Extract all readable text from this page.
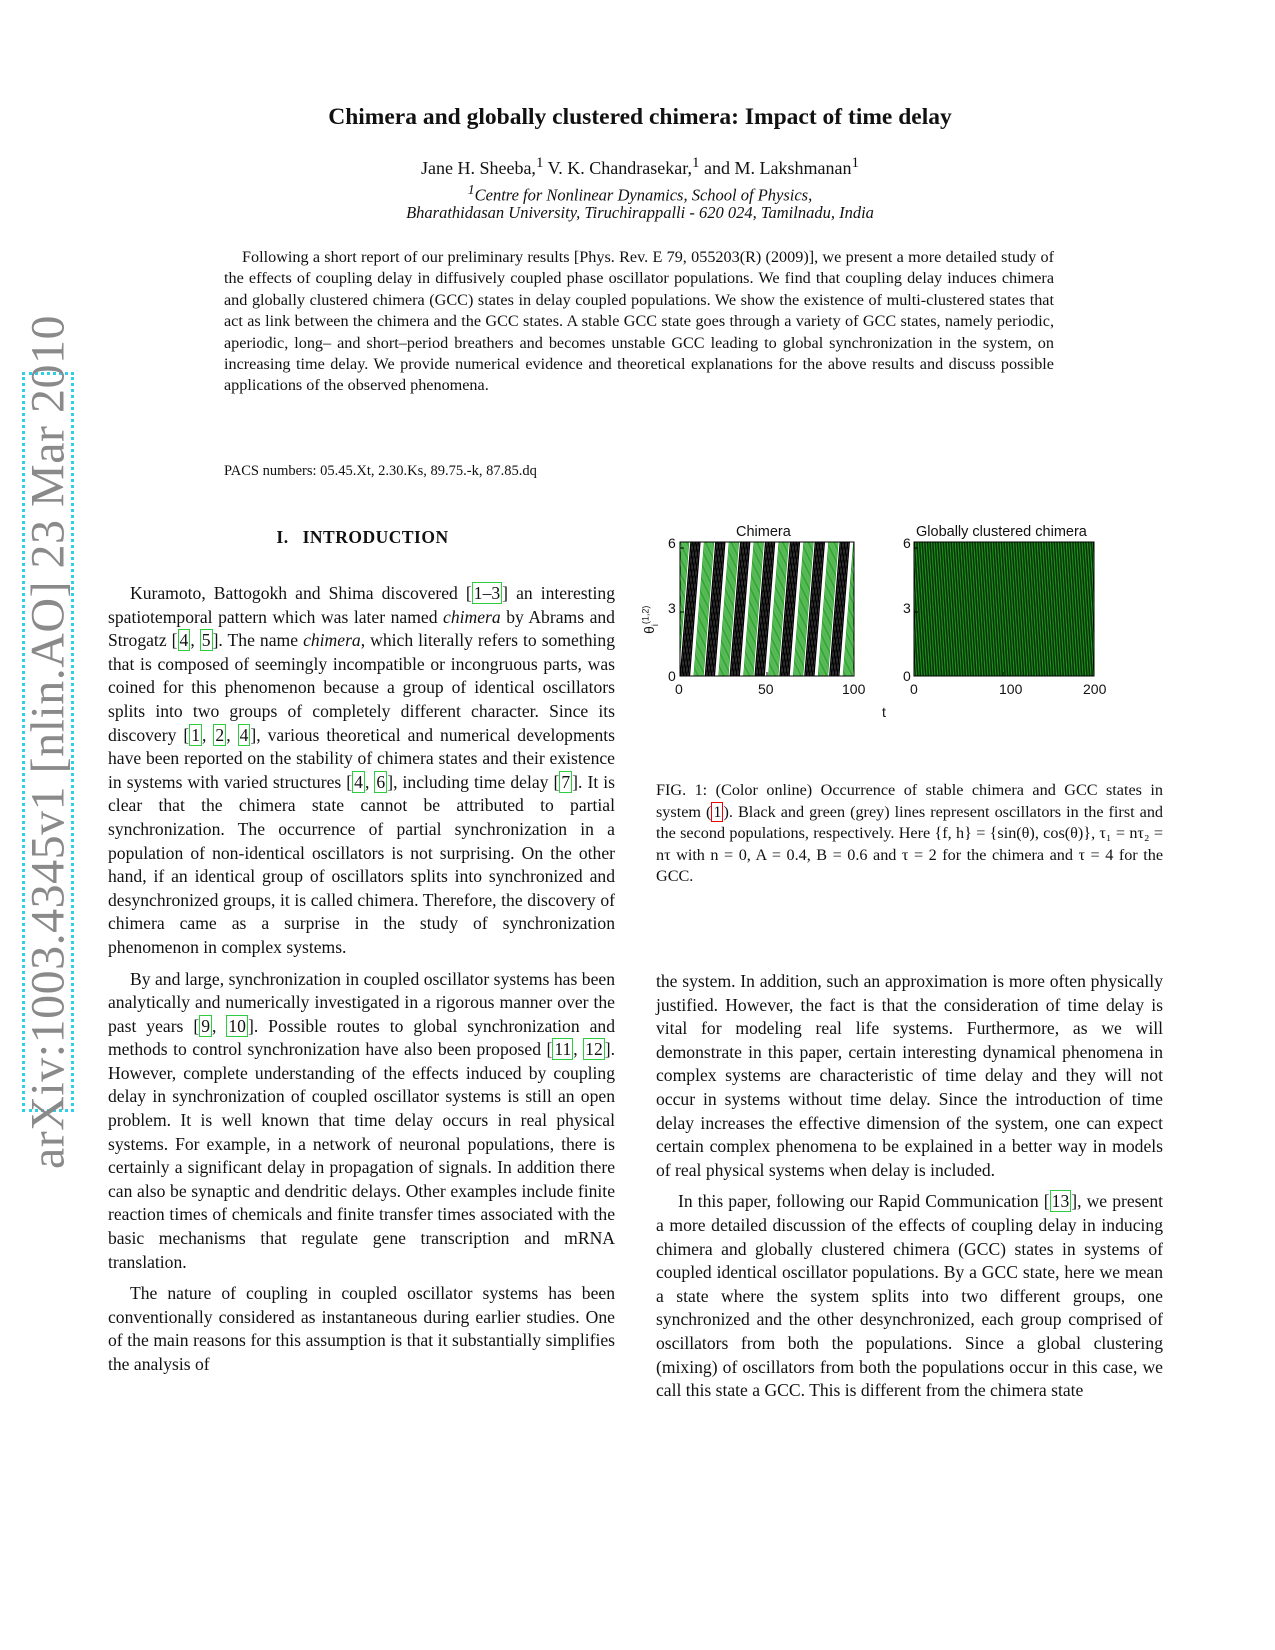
arXiv:1003.4345v1 [nlin.AO] 23 Mar 2010
Chimera and globally clustered chimera: Impact of time delay
Jane H. Sheeba,$^1$ V. K. Chandrasekar,$^1$ and M. Lakshmanan$^1$
$^1$Centre for Nonlinear Dynamics, School of Physics,
Bharathidasan University, Tiruchirappalli - 620 024, Tamilnadu, India
Following a short report of our preliminary results [Phys. Rev. E 79, 055203(R) (2009)], we present a more detailed study of the effects of coupling delay in diffusively coupled phase oscillator populations. We find that coupling delay induces chimera and globally clustered chimera (GCC) states in delay coupled populations. We show the existence of multi-clustered states that act as link between the chimera and the GCC states. A stable GCC state goes through a variety of GCC states, namely periodic, aperiodic, long– and short–period breathers and becomes unstable GCC leading to global synchronization in the system, on increasing time delay. We provide numerical evidence and theoretical explanations for the above results and discuss possible applications of the observed phenomena.
PACS numbers: 05.45.Xt, 2.30.Ks, 89.75.-k, 87.85.dq
I. INTRODUCTION

Kuramoto, Battogokh and Shima discovered [ 1–3 ] an interesting spatiotemporal pattern which was later named chimera by Abrams and Strogatz [ 4 , 5 ]. The name chimera, which literally refers to something that is composed of seemingly incompatible or incongruous parts, was coined for this phenomenon because a group of identical oscillators splits into two groups of completely different character. Since its discovery [ 1 , 2 , 4 ], various theoretical and numerical developments have been reported on the stability of chimera states and their existence in systems with varied structures [ 4 , 6 ], including time delay [ 7 ]. It is clear that the chimera state cannot be attributed to partial synchronization. The occurrence of partial synchronization in a population of non-identical oscillators is not surprising. On the other hand, if an identical group of oscillators splits into synchronized and desynchronized groups, it is called chimera. Therefore, the discovery of chimera came as a surprise in the study of synchronization phenomenon in complex systems.

By and large, synchronization in coupled oscillator systems has been analytically and numerically investigated in a rigorous manner over the past years [ 9 , 10 ]. Possible routes to global synchronization and methods to control synchronization have also been proposed [ 11 , 12 ]. However, complete understanding of the effects induced by coupling delay in synchronization of coupled oscillator systems is still an open problem. It is well known that time delay occurs in real physical systems. For example, in a network of neuronal populations, there is certainly a significant delay in propagation of signals. In addition there can also be synaptic and dendritic delays. Other examples include finite reaction times of chemicals and finite transfer times associated with the basic mechanisms that regulate gene transcription and mRNA translation.

The nature of coupling in coupled oscillator systems has been conventionally considered as instantaneous during earlier studies. One of the main reasons for this assumption is that it substantially simplifies the analysis of

Chimera	Globally clustered chimera
$\theta_i^{(1,2)}$
6
3
0
0	50	100
6
3
0
0	100	200
t
FIG. 1: (Color online) Occurrence of stable chimera and GCC states in system ( 1 ). Black and green (grey) lines represent oscillators in the first and the second populations, respectively. Here {f, h} = {sin(θ), cos(θ)}, τ₁ = nτ₂ = nτ with n = 0, A = 0.4, B = 0.6 and τ = 2 for the chimera and τ = 4 for the GCC.

the system. In addition, such an approximation is more often physically justified. However, the fact is that the consideration of time delay is vital for modeling real life systems. Furthermore, as we will demonstrate in this paper, certain interesting dynamical phenomena in complex systems are characteristic of time delay and they will not occur in systems without time delay. Since the introduction of time delay increases the effective dimension of the system, one can expect certain complex phenomena to be explained in a better way in models of real physical systems when delay is included.

In this paper, following our Rapid Communication [ 13 ], we present a more detailed discussion of the effects of coupling delay in inducing chimera and globally clustered chimera (GCC) states in systems of coupled identical oscillator populations. By a GCC state, here we mean a state where the system splits into two different groups, one synchronized and the other desynchronized, each group comprised of oscillators from both the populations. Since a global clustering (mixing) of oscillators from both the populations occur in this case, we call this state a GCC. This is different from the chimera state
